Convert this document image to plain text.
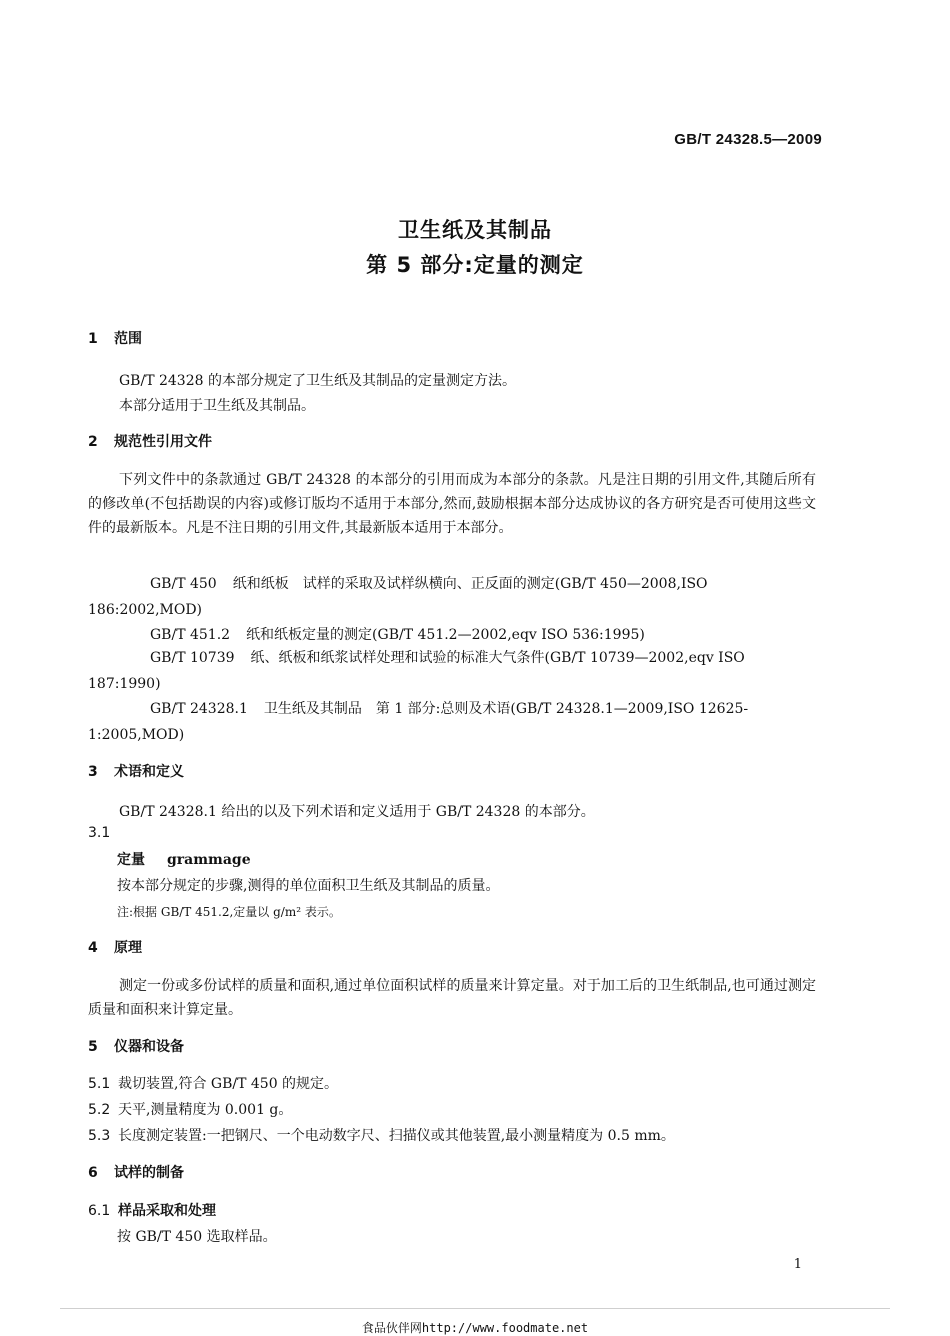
GB/T 24328.5—2009
卫生纸及其制品
第 5 部分:定量的测定
1 范围
GB/T 24328 的本部分规定了卫生纸及其制品的定量测定方法。
本部分适用于卫生纸及其制品。
2 规范性引用文件
下列文件中的条款通过 GB/T 24328 的本部分的引用而成为本部分的条款。凡是注日期的引用文件,其随后所有的修改单(不包括勘误的内容)或修订版均不适用于本部分,然而,鼓励根据本部分达成协议的各方研究是否可使用这些文件的最新版本。凡是不注日期的引用文件,其最新版本适用于本部分。
GB/T 450 纸和纸板　试样的采取及试样纵横向、正反面的测定(GB/T 450—2008,ISO 186:2002,MOD)
GB/T 451.2 纸和纸板定量的测定(GB/T 451.2—2002,eqv ISO 536:1995)
GB/T 10739 纸、纸板和纸浆试样处理和试验的标准大气条件(GB/T 10739—2002,eqv ISO 187:1990)
GB/T 24328.1 卫生纸及其制品　第 1 部分:总则及术语(GB/T 24328.1—2009,ISO 12625-1:2005,MOD)
3 术语和定义
GB/T 24328.1 给出的以及下列术语和定义适用于 GB/T 24328 的本部分。
3.1
定量 grammage
按本部分规定的步骤,测得的单位面积卫生纸及其制品的质量。
注:根据 GB/T 451.2,定量以 g/m² 表示。
4 原理
测定一份或多份试样的质量和面积,通过单位面积试样的质量来计算定量。对于加工后的卫生纸制品,也可通过测定质量和面积来计算定量。
5 仪器和设备
5.1 裁切装置,符合 GB/T 450 的规定。
5.2 天平,测量精度为 0.001 g。
5.3 长度测定装置:一把钢尺、一个电动数字尺、扫描仪或其他装置,最小测量精度为 0.5 mm。
6 试样的制备
6.1 样品采取和处理
按 GB/T 450 选取样品。
1
食品伙伴网http://www.foodmate.net
